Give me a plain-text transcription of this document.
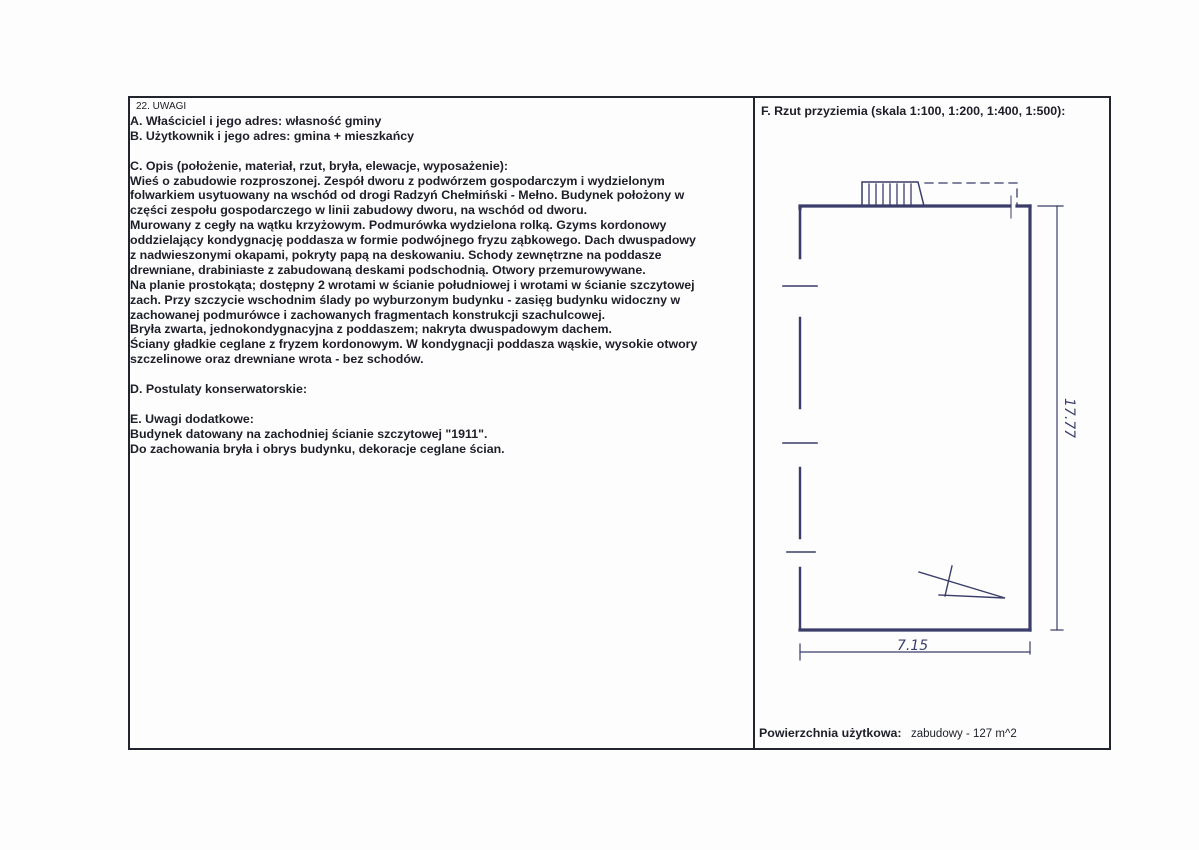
22. UWAGI
A. Właściciel i jego adres: własność gminy
B. Użytkownik i jego adres: gmina + mieszkańcy
C. Opis (położenie, materiał, rzut, bryła, elewacje, wyposażenie):
Wieś o zabudowie rozproszonej. Zespół dworu z podwórzem gospodarczym i wydzielonym
folwarkiem usytuowany na wschód od drogi Radzyń Chełmiński - Mełno. Budynek położony w
części zespołu gospodarczego w linii zabudowy dworu, na wschód od dworu.
Murowany z cegły na wątku krzyżowym. Podmurówka wydzielona rolką. Gzyms kordonowy
oddzielający kondygnację poddasza w formie podwójnego fryzu ząbkowego. Dach dwuspadowy
z nadwieszonymi okapami, pokryty papą na deskowaniu. Schody zewnętrzne na poddasze
drewniane, drabiniaste z zabudowaną deskami podschodnią. Otwory przemurowywane.
Na planie prostokąta; dostępny 2 wrotami w ścianie południowej i wrotami w ścianie szczytowej
zach. Przy szczycie wschodnim ślady po wyburzonym budynku - zasięg budynku widoczny w
zachowanej podmurówce i zachowanych fragmentach konstrukcji szachulcowej.
Bryła zwarta, jednokondygnacyjna z poddaszem; nakryta dwuspadowym dachem.
Ściany gładkie ceglane z fryzem kordonowym. W kondygnacji poddasza wąskie, wysokie otwory
szczelinowe oraz drewniane wrota - bez schodów.
D. Postulaty konserwatorskie:
E. Uwagi dodatkowe:
Budynek datowany na zachodniej ścianie szczytowej "1911".
Do zachowania bryła i obrys budynku, dekoracje ceglane ścian.
F. Rzut przyziemia (skala 1:100, 1:200, 1:400, 1:500):
7.15
17.77
Powierzchnia użytkowa: zabudowy - 127 m^2
